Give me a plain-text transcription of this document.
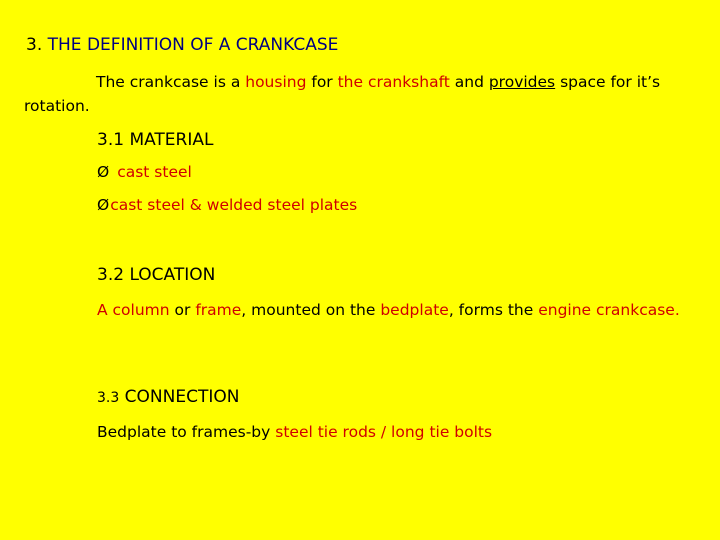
3. THE DEFINITION OF A CRANKCASE
The crankcase is a housing for the crankshaft and provides space for it’s rotation.
3.1 MATERIAL
Ø cast steel
Øcast steel & welded steel plates
3.2 LOCATION
A column or frame, mounted on the bedplate, forms the engine crankcase.
3.3 CONNECTION
Bedplate to frames-by steel tie rods / long tie bolts
